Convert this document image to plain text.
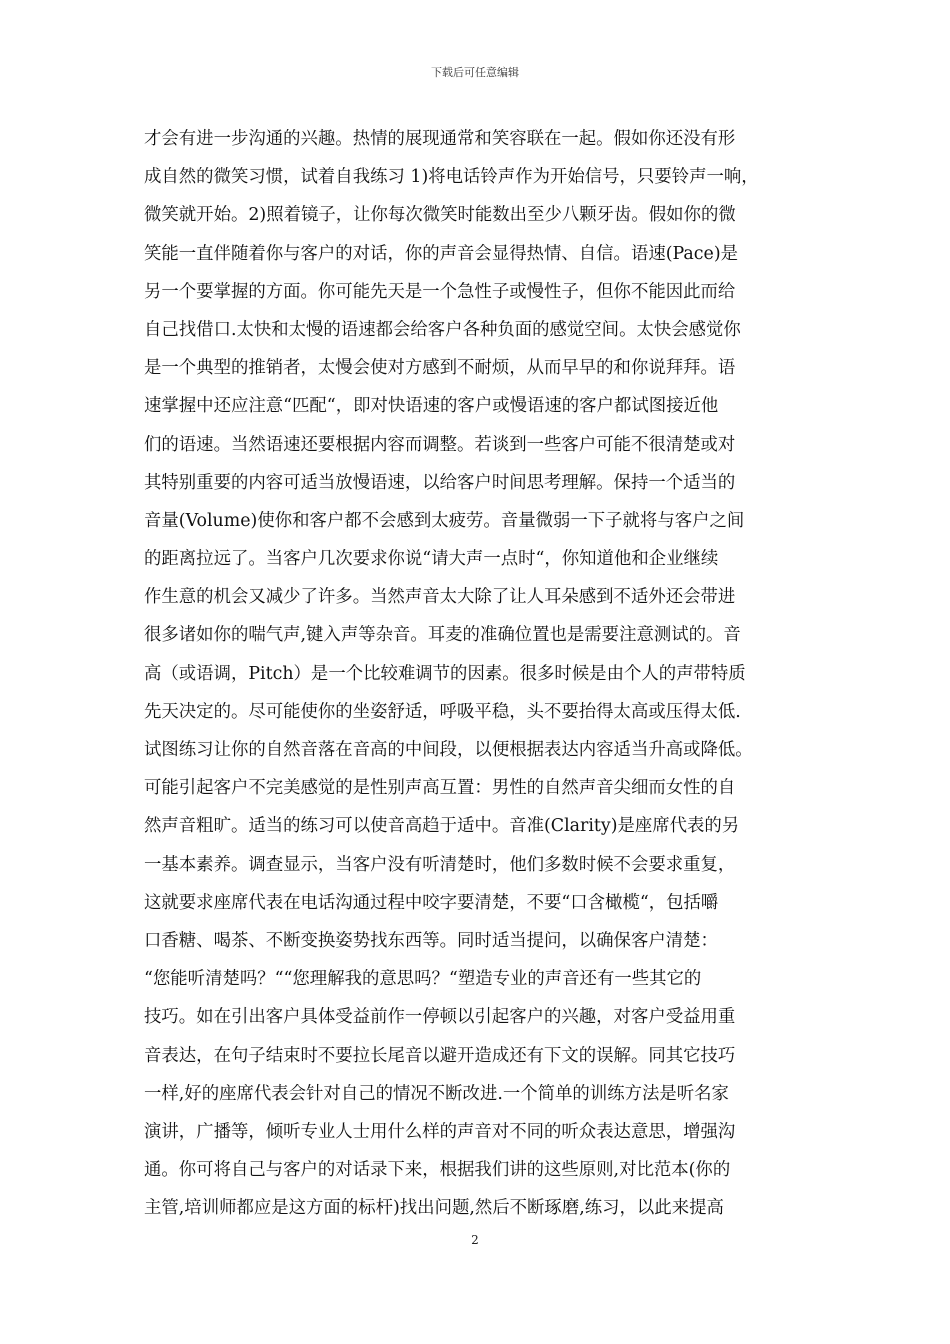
下载后可任意编辑
才会有进一步沟通的兴趣。热情的展现通常和笑容联在一起。假如你还没有形
成自然的微笑习惯，试着自我练习 1)将电话铃声作为开始信号，只要铃声一响，
微笑就开始。2)照着镜子，让你每次微笑时能数出至少八颗牙齿。假如你的微
笑能一直伴随着你与客户的对话，你的声音会显得热情、自信。语速(Pace)是
另一个要掌握的方面。你可能先天是一个急性子或慢性子，但你不能因此而给
自己找借口.太快和太慢的语速都会给客户各种负面的感觉空间。太快会感觉你
是一个典型的推销者，太慢会使对方感到不耐烦，从而早早的和你说拜拜。语
速掌握中还应注意“匹配“，即对快语速的客户或慢语速的客户都试图接近他
们的语速。当然语速还要根据内容而调整。若谈到一些客户可能不很清楚或对
其特别重要的内容可适当放慢语速，以给客户时间思考理解。保持一个适当的
音量(Volume)使你和客户都不会感到太疲劳。音量微弱一下子就将与客户之间
的距离拉远了。当客户几次要求你说“请大声一点时“，你知道他和企业继续
作生意的机会又减少了许多。当然声音太大除了让人耳朵感到不适外还会带进
很多诸如你的喘气声,键入声等杂音。耳麦的准确位置也是需要注意测试的。音
高（或语调，Pitch）是一个比较难调节的因素。很多时候是由个人的声带特质
先天决定的。尽可能使你的坐姿舒适，呼吸平稳，头不要抬得太高或压得太低.
试图练习让你的自然音落在音高的中间段，以便根据表达内容适当升高或降低。
可能引起客户不完美感觉的是性别声高互置：男性的自然声音尖细而女性的自
然声音粗旷。适当的练习可以使音高趋于适中。音准(Clarity)是座席代表的另
一基本素养。调查显示，当客户没有听清楚时，他们多数时候不会要求重复，
这就要求座席代表在电话沟通过程中咬字要清楚，不要“口含橄榄“，包括嚼
口香糖、喝茶、不断变换姿势找东西等。同时适当提问，以确保客户清楚：
“您能听清楚吗？““您理解我的意思吗？“塑造专业的声音还有一些其它的
技巧。如在引出客户具体受益前作一停顿以引起客户的兴趣，对客户受益用重
音表达，在句子结束时不要拉长尾音以避开造成还有下文的误解。同其它技巧
一样,好的座席代表会针对自己的情况不断改进.一个简单的训练方法是听名家
演讲，广播等，倾听专业人士用什么样的声音对不同的听众表达意思，增强沟
通。你可将自己与客户的对话录下来，根据我们讲的这些原则,对比范本(你的
主管,培训师都应是这方面的标杆)找出问题,然后不断琢磨,练习，以此来提高
2
